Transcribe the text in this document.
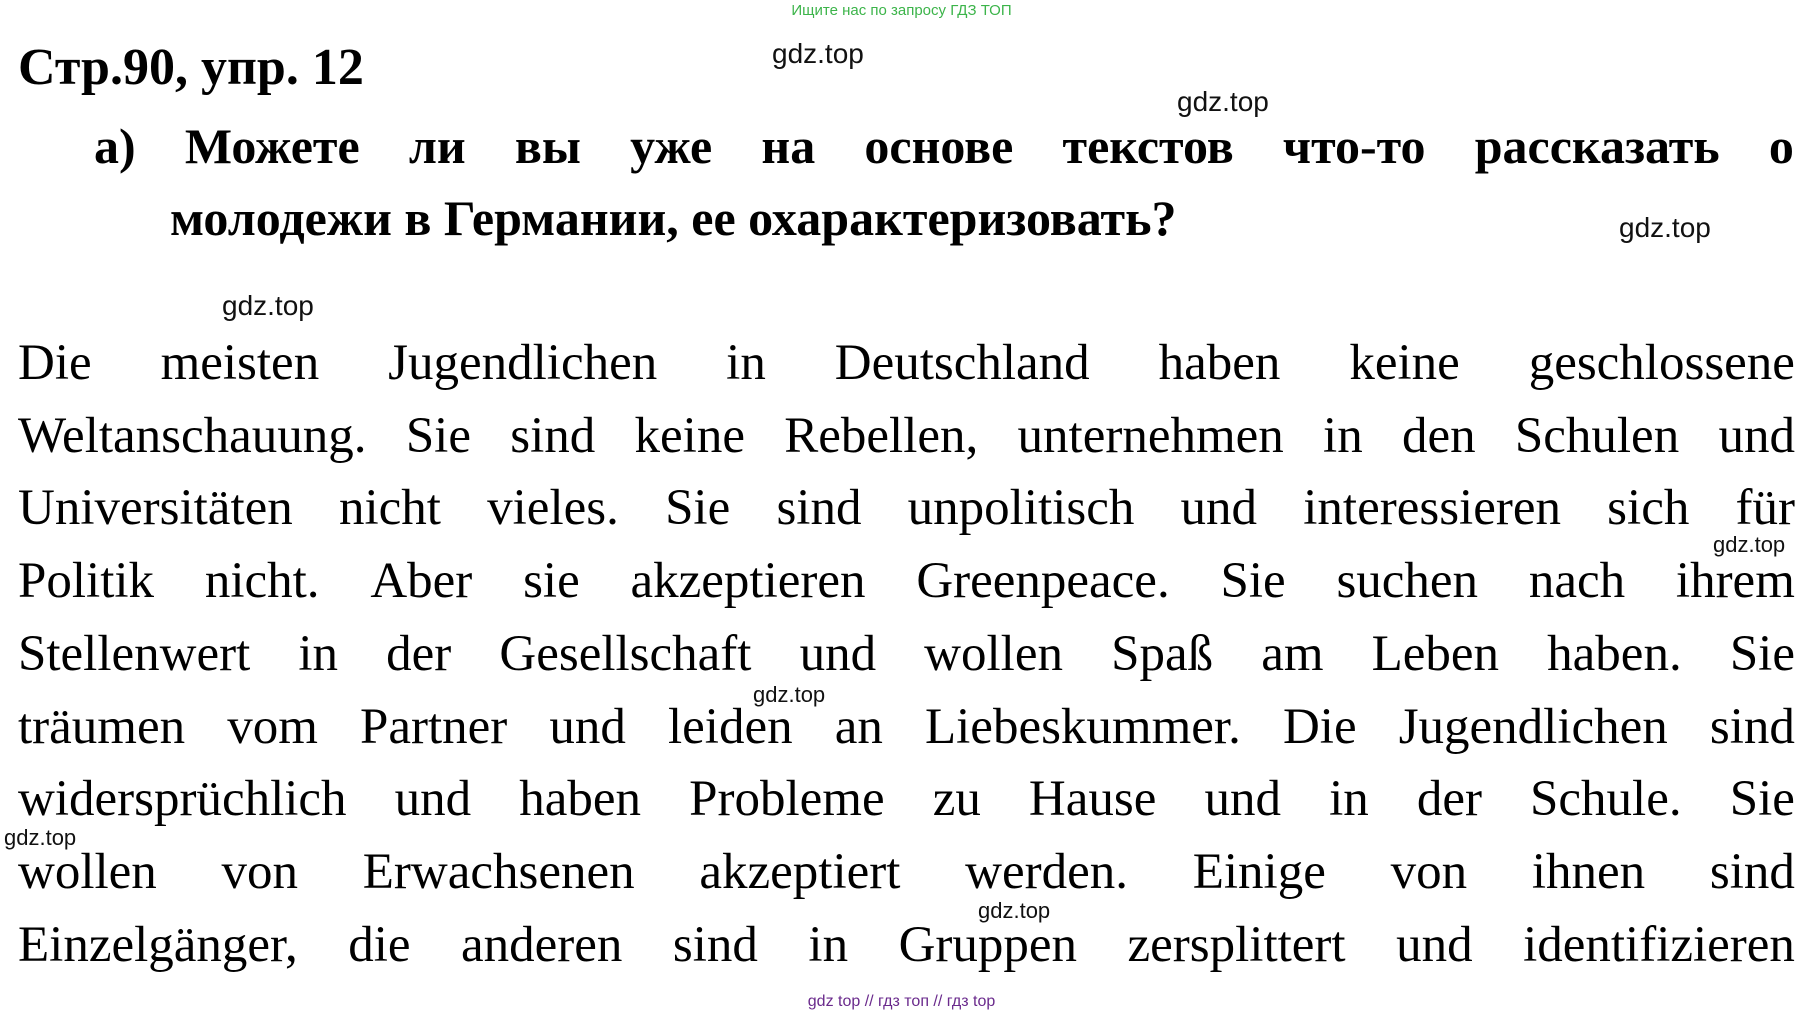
Ищите нас по запросу ГДЗ ТОП
Стр.90, упр. 12
а) Можете ли вы уже на основе текстов что-то рассказать о
молодежи в Германии, ее охарактеризовать?
Die meisten Jugendlichen in Deutschland haben keine geschlossene
Weltanschauung. Sie sind keine Rebellen, unternehmen in den Schulen und
Universitäten nicht vieles. Sie sind unpolitisch und interessieren sich für
Politik nicht. Aber sie akzeptieren Greenpeace. Sie suchen nach ihrem
Stellenwert in der Gesellschaft und wollen Spaß am Leben haben. Sie
träumen vom Partner und leiden an Liebeskummer. Die Jugendlichen sind
widersprüchlich und haben Probleme zu Hause und in der Schule. Sie
wollen von Erwachsenen akzeptiert werden. Einige von ihnen sind
Einzelgänger, die anderen sind in Gruppen zersplittert und identifizieren
gdz.top
gdz.top
gdz.top
gdz.top
gdz.top
gdz.top
gdz.top
gdz.top
gdz top // гдз топ // гдз top
